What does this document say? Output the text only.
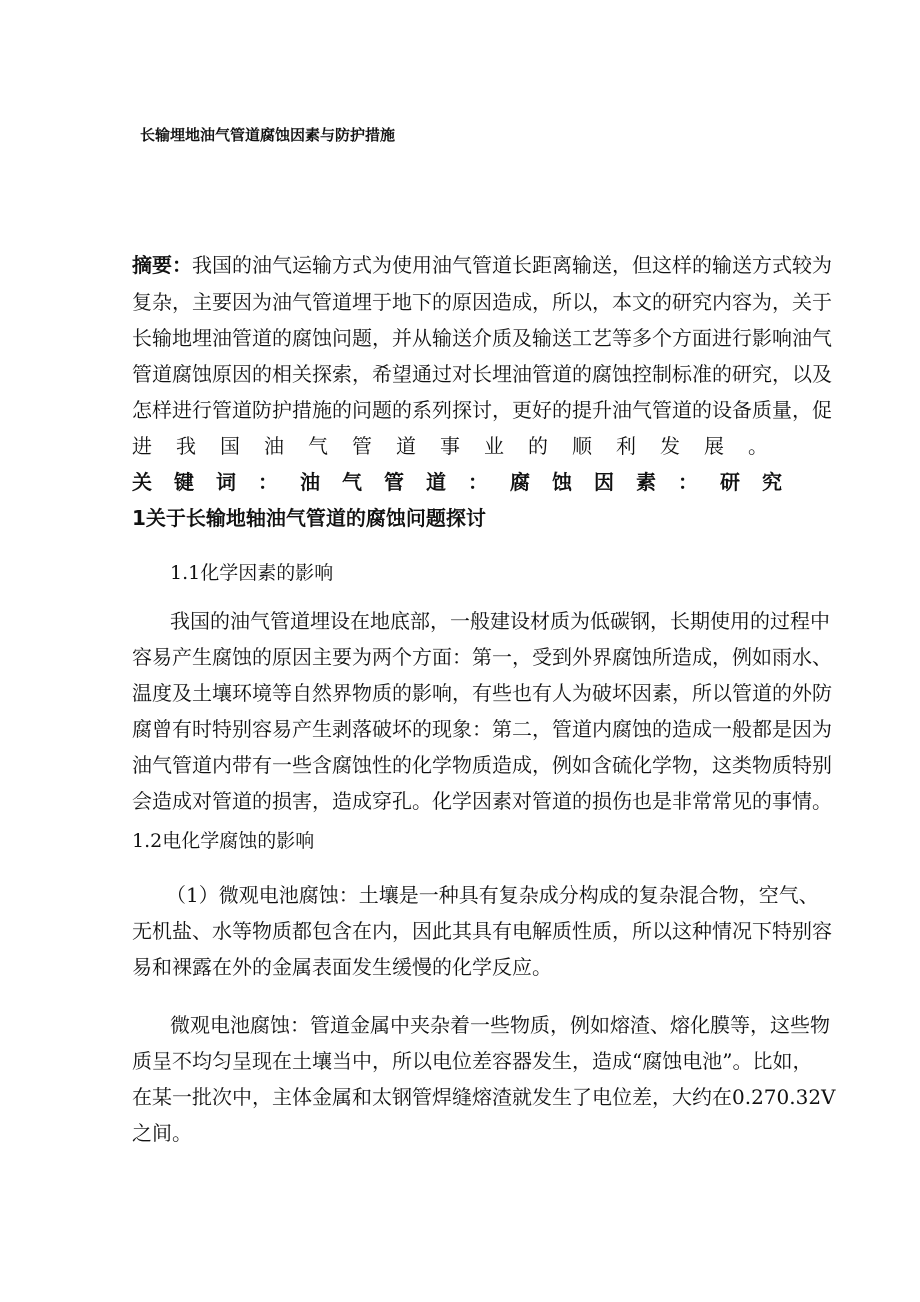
长输埋地油气管道腐蚀因素与防护措施
摘要：我国的油气运输方式为使用油气管道长距离输送，但这样的输送方式较为
复杂，主要因为油气管道埋于地下的原因造成，所以，本文的研究内容为，关于
长输地埋油管道的腐蚀问题，并从输送介质及输送工艺等多个方面进行影响油气
管道腐蚀原因的相关探索，希望通过对长埋油管道的腐蚀控制标准的研究，以及
怎样进行管道防护措施的问题的系列探讨，更好的提升油气管道的设备质量，促
进我国油气管道事业的顺利发展。
关键词：油气管道：腐蚀因素：研究
1关于长输地轴油气管道的腐蚀问题探讨
1.1化学因素的影响
我国的油气管道埋设在地底部，一般建设材质为低碳钢，长期使用的过程中
容易产生腐蚀的原因主要为两个方面：第一，受到外界腐蚀所造成，例如雨水、
温度及土壤环境等自然界物质的影响，有些也有人为破坏因素，所以管道的外防
腐曾有时特别容易产生剥落破坏的现象：第二，管道内腐蚀的造成一般都是因为
油气管道内带有一些含腐蚀性的化学物质造成，例如含硫化学物，这类物质特别
会造成对管道的损害，造成穿孔。化学因素对管道的损伤也是非常常见的事情。
1.2电化学腐蚀的影响
（1）微观电池腐蚀：土壤是一种具有复杂成分构成的复杂混合物，空气、
无机盐、水等物质都包含在内，因此其具有电解质性质，所以这种情况下特别容
易和裸露在外的金属表面发生缓慢的化学反应。
微观电池腐蚀：管道金属中夹杂着一些物质，例如熔渣、熔化膜等，这些物
质呈不均匀呈现在土壤当中，所以电位差容器发生，造成“腐蚀电池”。比如，
在某一批次中，主体金属和太钢管焊缝熔渣就发生了电位差，大约在0.270.32V
之间。
